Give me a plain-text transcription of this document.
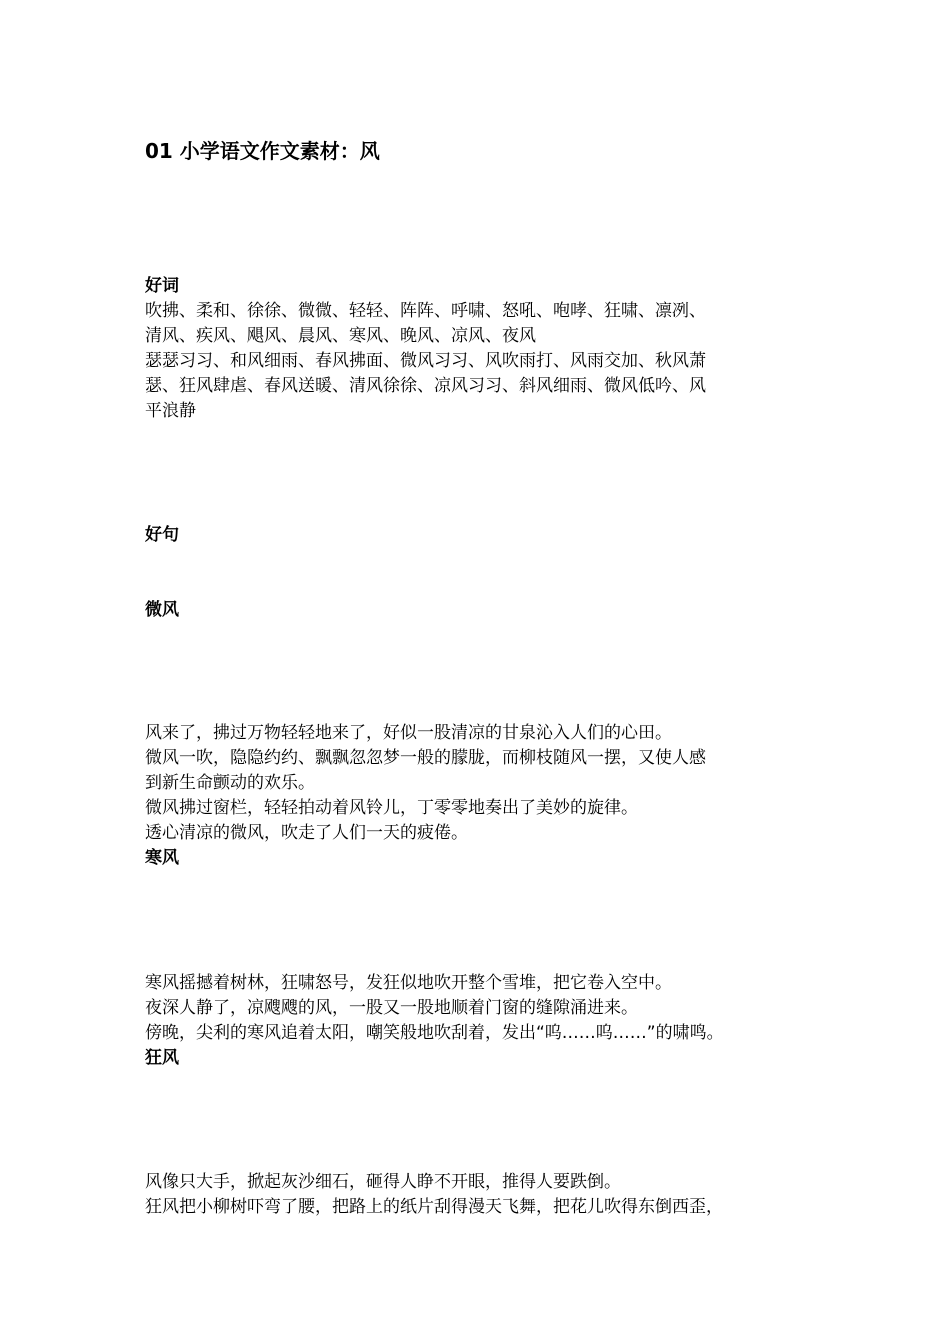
01 小学语文作文素材：风
好词
吹拂、柔和、徐徐、微微、轻轻、阵阵、呼啸、怒吼、咆哮、狂啸、凛冽、
清风、疾风、飓风、晨风、寒风、晚风、凉风、夜风
瑟瑟习习、和风细雨、春风拂面、微风习习、风吹雨打、风雨交加、秋风萧
瑟、狂风肆虐、春风送暖、清风徐徐、凉风习习、斜风细雨、微风低吟、风
平浪静
好句
微风
风来了，拂过万物轻轻地来了，好似一股清凉的甘泉沁入人们的心田。
微风一吹，隐隐约约、飘飘忽忽梦一般的朦胧，而柳枝随风一摆，又使人感
到新生命颤动的欢乐。
微风拂过窗栏，轻轻拍动着风铃儿，丁零零地奏出了美妙的旋律。
透心清凉的微风，吹走了人们一天的疲倦。
寒风
寒风摇撼着树林，狂啸怒号，发狂似地吹开整个雪堆，把它卷入空中。
夜深人静了，凉飕飕的风，一股又一股地顺着门窗的缝隙涌进来。
傍晚，尖利的寒风追着太阳，嘲笑般地吹刮着，发出“呜……呜……”的啸鸣。
狂风
风像只大手，掀起灰沙细石，砸得人睁不开眼，推得人要跌倒。
狂风把小柳树吓弯了腰，把路上的纸片刮得漫天飞舞，把花儿吹得东倒西歪，
